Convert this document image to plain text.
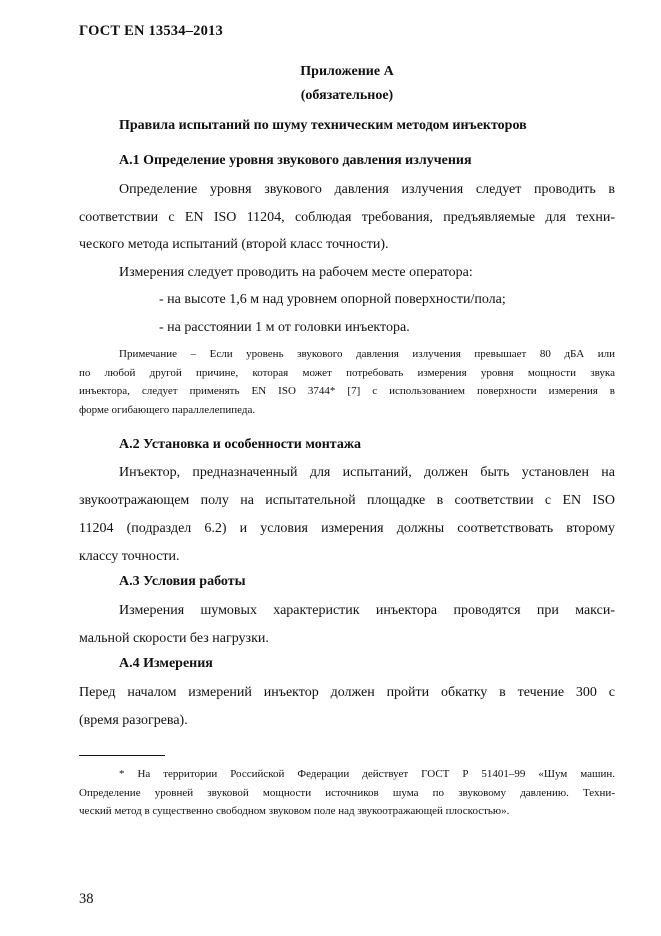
ГОСТ EN 13534–2013
Приложение А
(обязательное)
Правила испытаний по шуму техническим методом инъекторов
А.1 Определение уровня звукового давления излучения
Определение уровня звукового давления излучения следует проводить в
соответствии с EN ISO 11204, соблюдая требования, предъявляемые для техни-
ческого метода испытаний (второй класс точности).
Измерения следует проводить на рабочем месте оператора:
- на высоте 1,6 м над уровнем опорной поверхности/пола;
- на расстоянии 1 м от головки инъектора.
Примечание – Если уровень звукового давления излучения превышает 80 дБА или
по любой другой причине, которая может потребовать измерения уровня мощности звука
инъектора, следует применять EN ISO 3744* [7] с использованием поверхности измерения в
форме огибающего параллелепипеда.
А.2 Установка и особенности монтажа
Инъектор, предназначенный для испытаний, должен быть установлен на
звукоотражающем полу на испытательной площадке в соответствии с EN ISO
11204 (подраздел 6.2) и условия измерения должны соответствовать второму
классу точности.
А.3 Условия работы
Измерения шумовых характеристик инъектора проводятся при макси-
мальной скорости без нагрузки.
А.4 Измерения
Перед началом измерений инъектор должен пройти обкатку в течение 300 с
(время разогрева).
* На территории Российской Федерации действует ГОСТ Р 51401–99 «Шум машин.
Определение уровней звуковой мощности источников шума по звуковому давлению. Техни-
ческий метод в существенно свободном звуковом поле над звукоотражающей плоскостью».
38
